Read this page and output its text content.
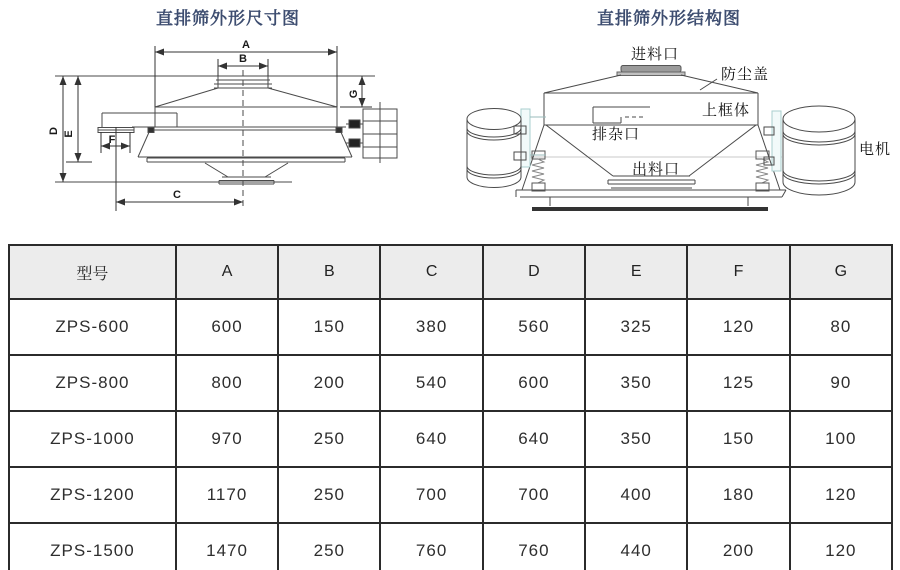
直排筛外形尺寸图
A
B
C
D E	F
G
直排筛外形结构图
进料口
防尘盖
上框体
排杂口
出料口
电机
型号	A	B	C	D	E	F	G
ZPS-600	600	150	380	560	325	120	80
ZPS-800	800	200	540	600	350	125	90
ZPS-1000	970	250	640	640	350	150	100
ZPS-1200	1170	250	700	700	400	180	120
ZPS-1500	1470	250	760	760	440	200	120
